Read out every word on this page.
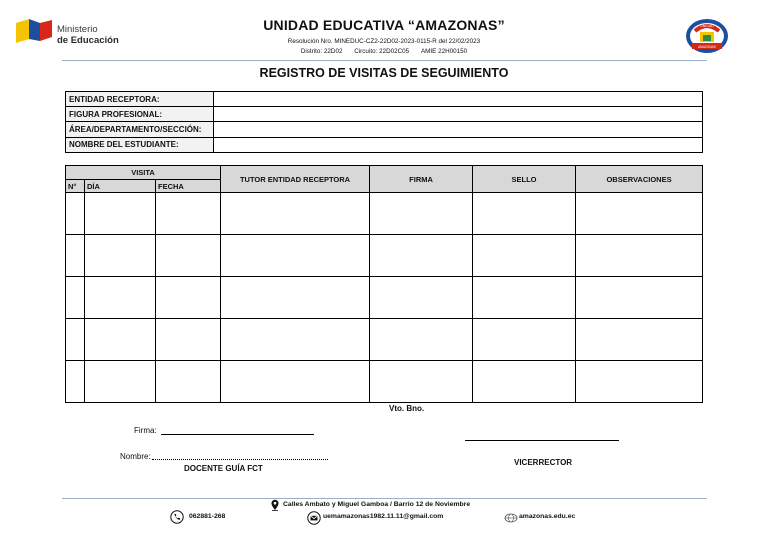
Ministerio
de Educación
UNIDAD EDUCATIVA “AMAZONAS”
Resolución Nro. MINEDUC-CZ2-22D02-2023-0115-R del 22/02/2023
Distrito: 22D02 Circuito: 22D02C05 AMIE 22H00150
UNIDAD
AMAZONAS
REGISTRO DE VISITAS DE SEGUIMIENTO
ENTIDAD RECEPTORA:	
FIGURA PROFESIONAL:	
ÁREA/DEPARTAMENTO/SECCIÓN:	
NOMBRE DEL ESTUDIANTE:	
VISITA			TUTOR ENTIDAD RECEPTORA	FIRMA	SELLO	OBSERVACIONES
N°	DÍA	FECHA				

Vto. Bno.
Firma:
Nombre:
DOCENTE GUÍA FCT
VICERRECTOR
Calles Ambato y Miguel Gamboa / Barrio 12 de Noviembre
062881-268	uemamazonas1982.11.11@gmail.com	amazonas.edu.ec
